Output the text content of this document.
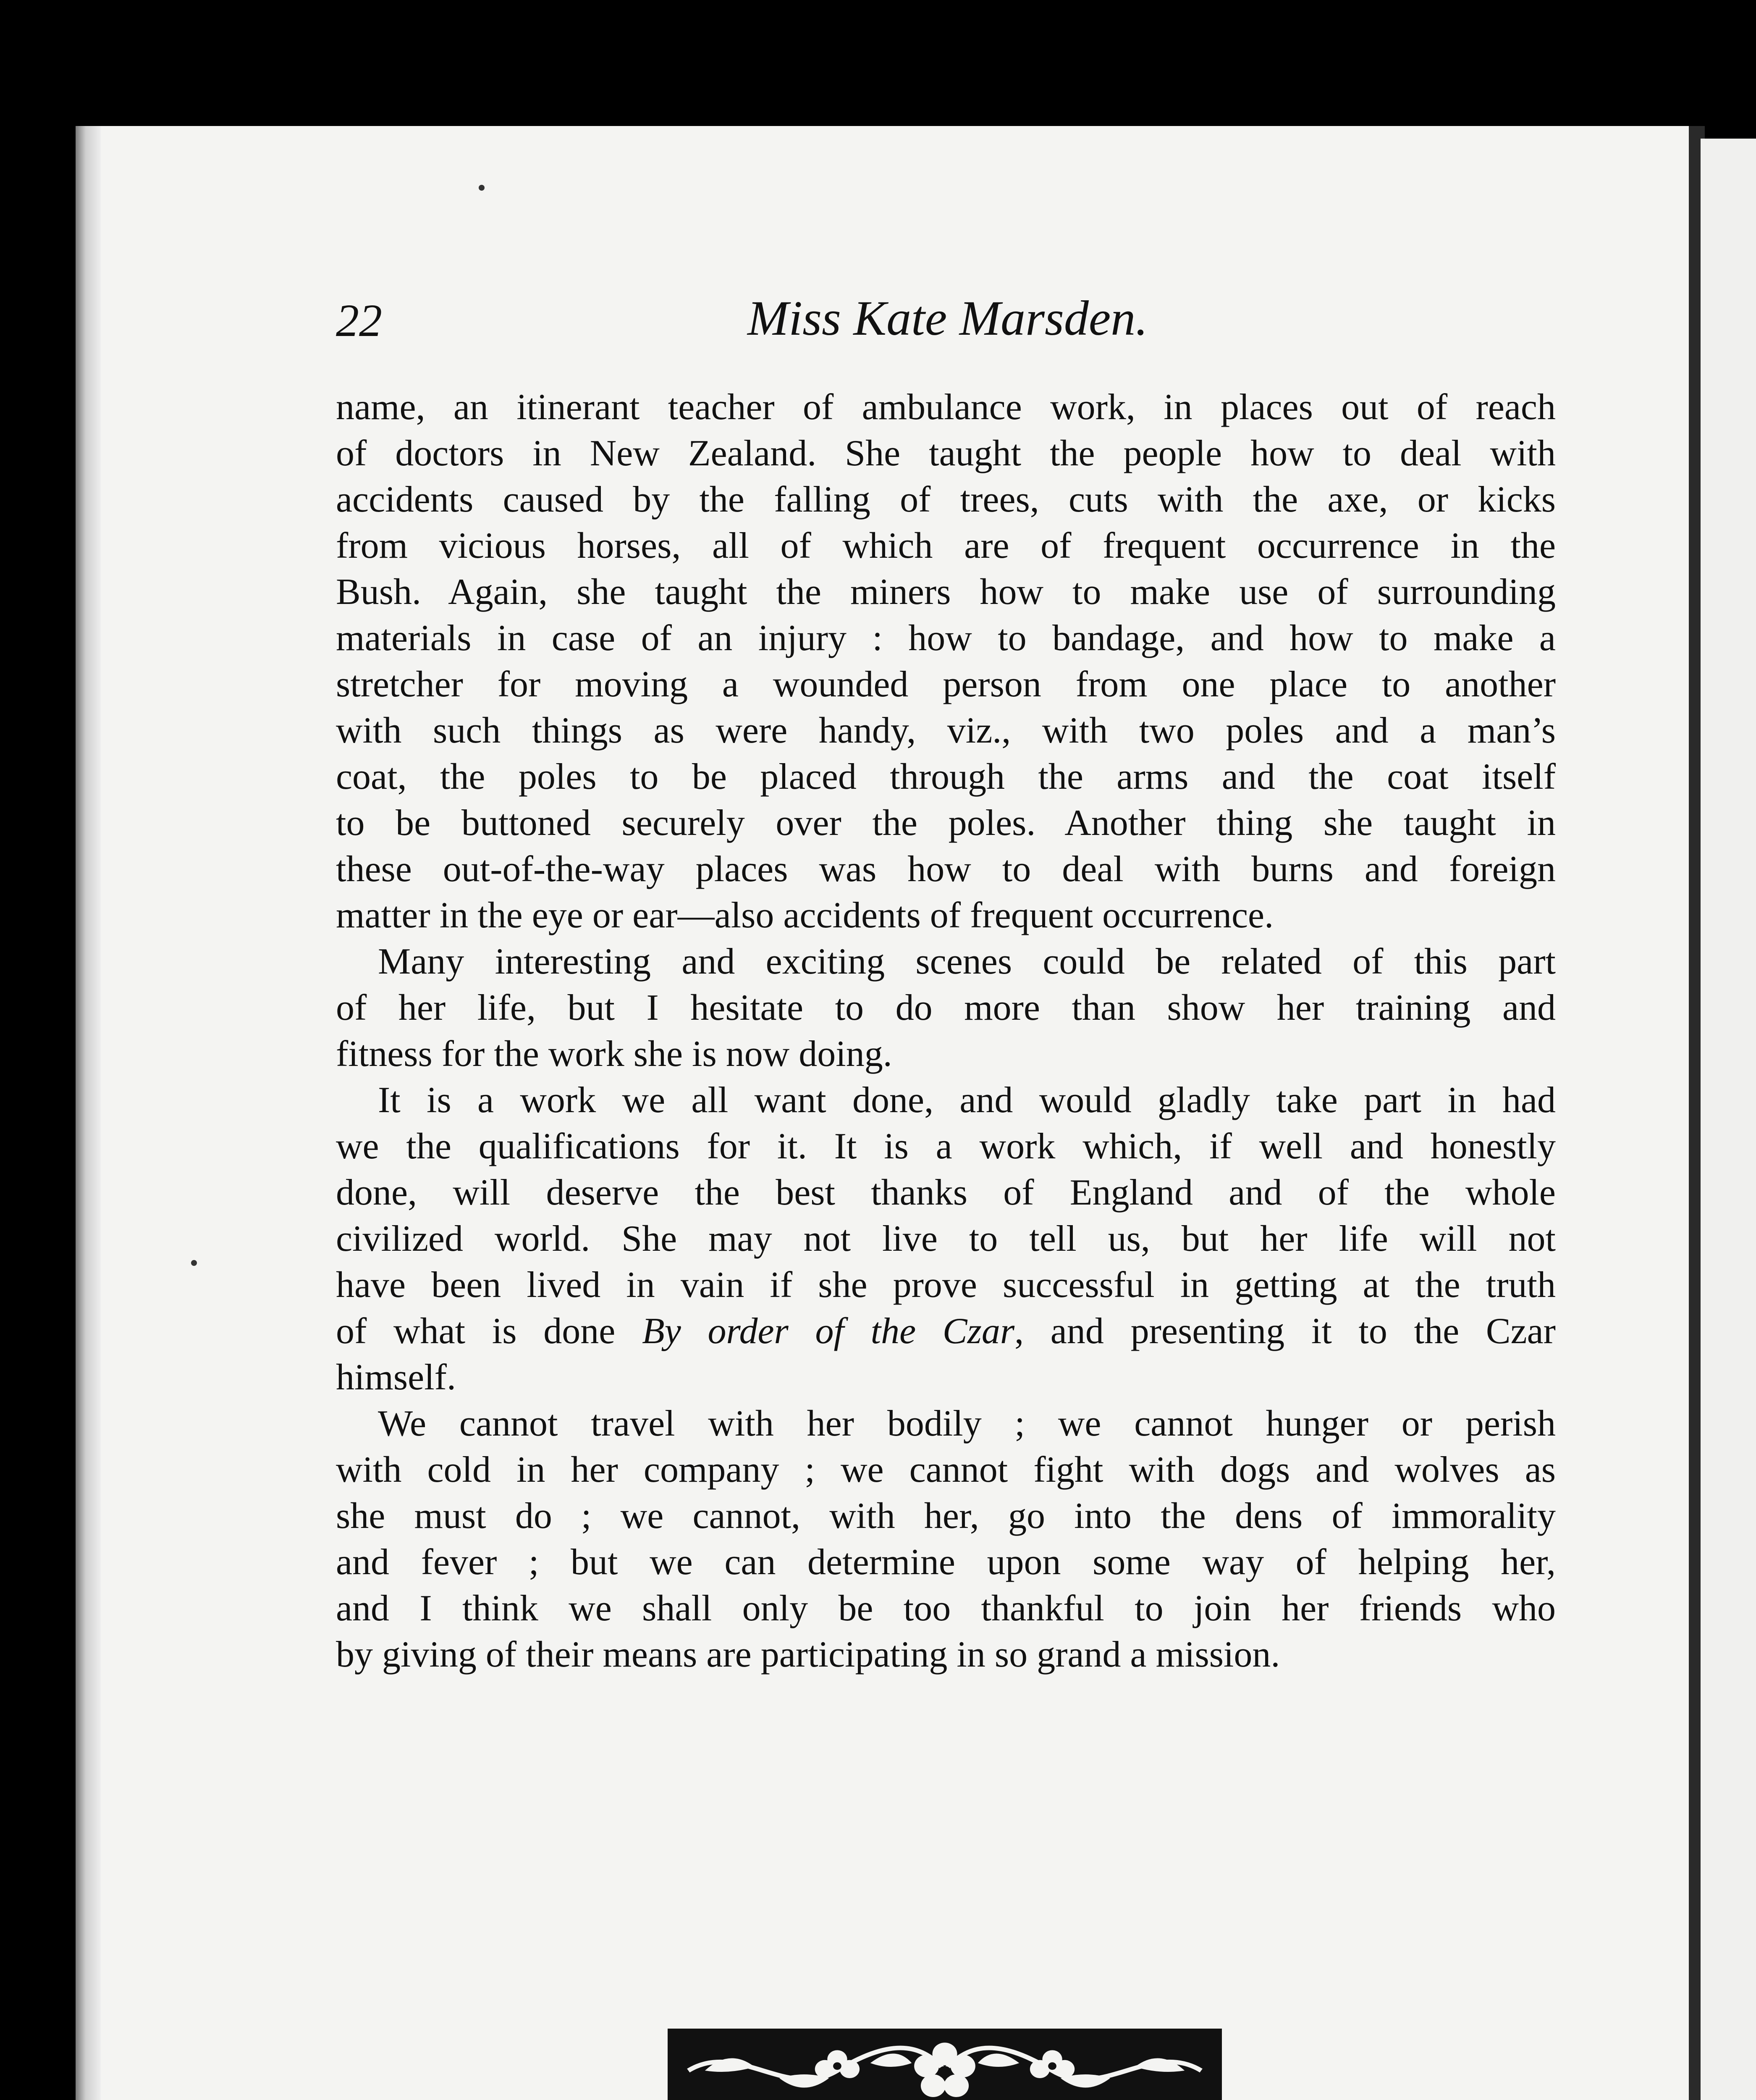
22	Miss Kate Marsden.
name, an itinerant teacher of ambulance work, in places out of reach
of doctors in New Zealand. She taught the people how to deal with
accidents caused by the falling of trees, cuts with the axe, or kicks
from vicious horses, all of which are of frequent occurrence in the
Bush. Again, she taught the miners how to make use of surrounding
materials in case of an injury : how to bandage, and how to make a
stretcher for moving a wounded person from one place to another
with such things as were handy, viz., with two poles and a man’s
coat, the poles to be placed through the arms and the coat itself
to be buttoned securely over the poles. Another thing she taught in
these out-of-the-way places was how to deal with burns and foreign
matter in the eye or ear—also accidents of frequent occurrence.
Many interesting and exciting scenes could be related of this part
of her life, but I hesitate to do more than show her training and
fitness for the work she is now doing.
It is a work we all want done, and would gladly take part in had
we the qualifications for it. It is a work which, if well and honestly
done, will deserve the best thanks of England and of the whole
civilized world. She may not live to tell us, but her life will not
have been lived in vain if she prove successful in getting at the truth
of what is done By order of the Czar, and presenting it to the Czar
himself.
We cannot travel with her bodily ; we cannot hunger or perish
with cold in her company ; we cannot fight with dogs and wolves as
she must do ; we cannot, with her, go into the dens of immorality
and fever ; but we can determine upon some way of helping her,
and I think we shall only be too thankful to join her friends who
by giving of their means are participating in so grand a mission.
